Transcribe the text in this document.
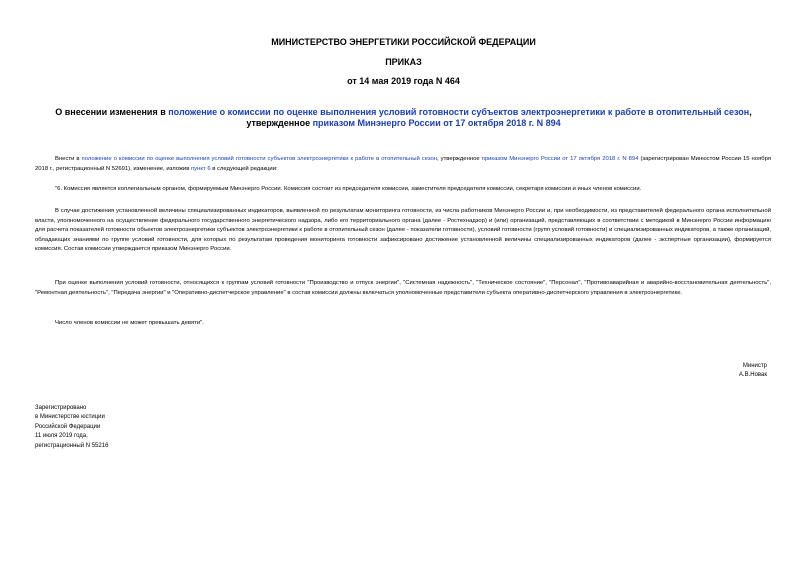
МИНИСТЕРСТВО ЭНЕРГЕТИКИ РОССИЙСКОЙ ФЕДЕРАЦИИ
ПРИКАЗ
от 14 мая 2019 года N 464
О внесении изменения в положение о комиссии по оценке выполнения условий готовности субъектов электроэнергетики к работе в отопительный сезон, утвержденное приказом Минэнерго России от 17 октября 2018 г. N 894
Внести в положение о комиссии по оценке выполнения условий готовности субъектов электроэнергетики к работе в отопительный сезон, утвержденное приказом Минэнерго России от 17 октября 2018 г. N 894 (зарегистрирован Минюстом России 15 ноября 2018 г., регистрационный N 52691), изменение, изложив пункт 6 в следующей редакции:
"6. Комиссия является коллегиальным органом, формируемым Минэнерго России. Комиссия состоит из председателя комиссии, заместителя председателя комиссии, секретаря комиссии и иных членов комиссии.
В случае достижения установленной величины специализированных индикаторов, выявленной по результатам мониторинга готовности, из числа работников Минэнерго России и, при необходимости, из представителей федерального органа исполнительной власти, уполномоченного на осуществление федерального государственного энергетического надзора, либо его территориального органа (далее - Ростехнадзор) и (или) организаций, представляющих в соответствии с методикой в Минэнерго России информацию для расчета показателей готовности объектов электроэнергетики субъектов электроэнергетики к работе в отопительный сезон (далее - показатели готовности), условий готовности (групп условий готовности) и специализированных индикаторов, а также организаций, обладающих знаниями по группе условий готовности, для которых по результатам проведения мониторинга готовности зафиксировано достижение установленной величины специализированных индикаторов (далее - экспертные организации), формируется комиссия. Состав комиссии утверждается приказом Минэнерго России.
При оценке выполнения условий готовности, относящихся к группам условий готовности "Производство и отпуск энергии", "Системная надежность", "Техническое состояние", "Персонал", "Противоаварийная и аварийно-восстановительная деятельность", "Ремонтная деятельность", "Передача энергии" и "Оперативно-диспетчерское управление" в состав комиссии должны включаться уполномоченные представители субъекта оперативно-диспетчерского управления в электроэнергетике.
Число членов комиссии не может превышать девяти".
Министр
А.В.Новак
Зарегистрировано
в Министерстве юстиции
Российской Федерации
11 июля 2019 года,
регистрационный N 55216
